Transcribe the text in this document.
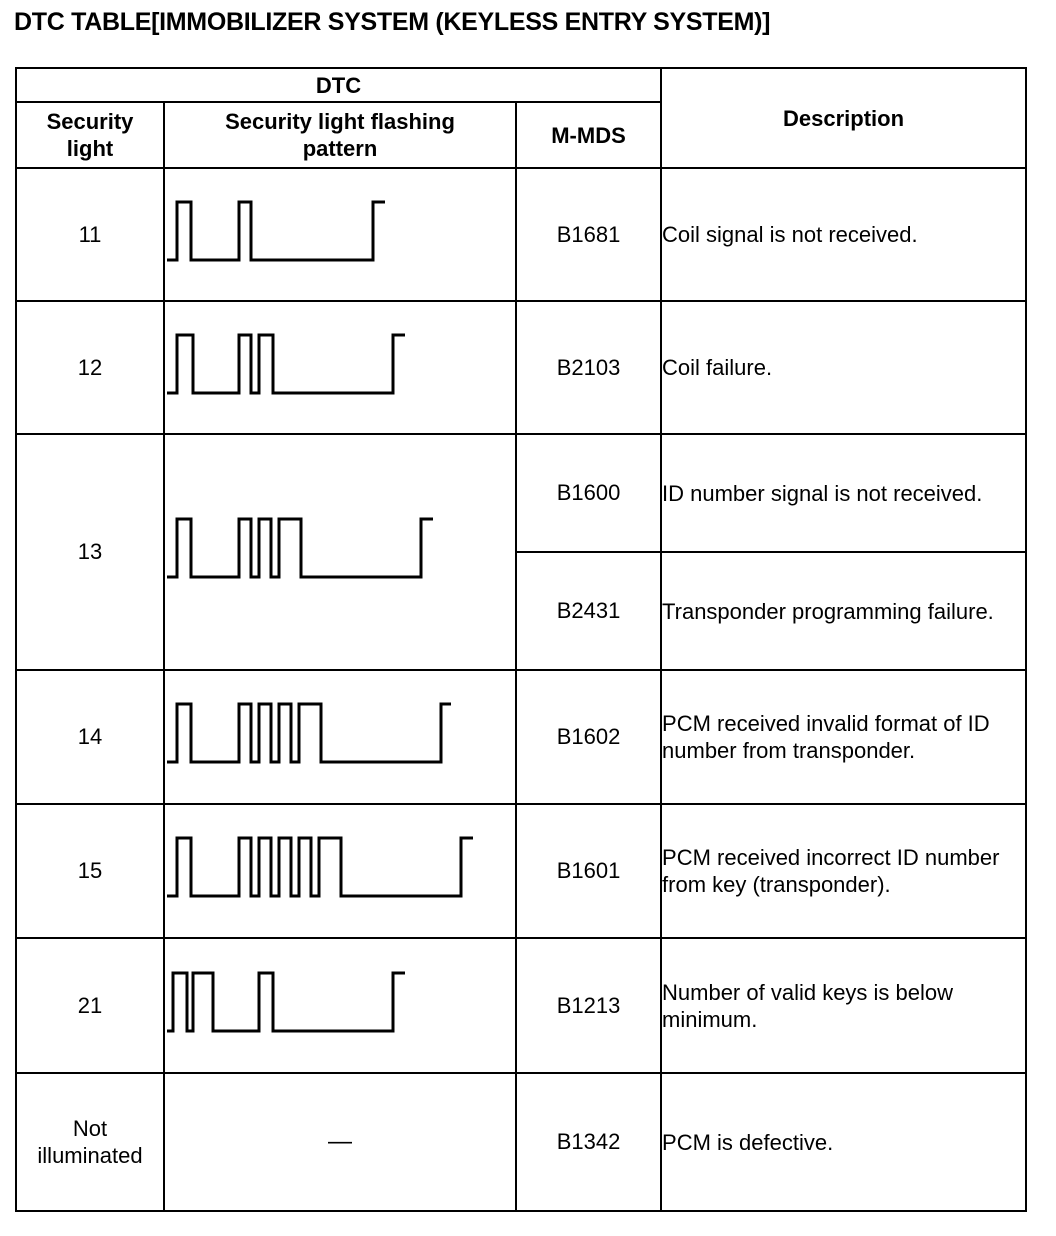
DTC TABLE[IMMOBILIZER SYSTEM (KEYLESS ENTRY SYSTEM)]
DTC			Description
Security light	Security light flashing pattern	M-MDS	
11		B1681	Coil signal is not received.
12		B2103	Coil failure.
13		B1600	ID number signal is not received.
		B2431	Transponder programming failure.
14		B1602	PCM received invalid format of ID number from transponder.
15		B1601	PCM received incorrect ID number from key (transponder).
21		B1213	Number of valid keys is below minimum.
Not illuminated	—	B1342	PCM is defective.
